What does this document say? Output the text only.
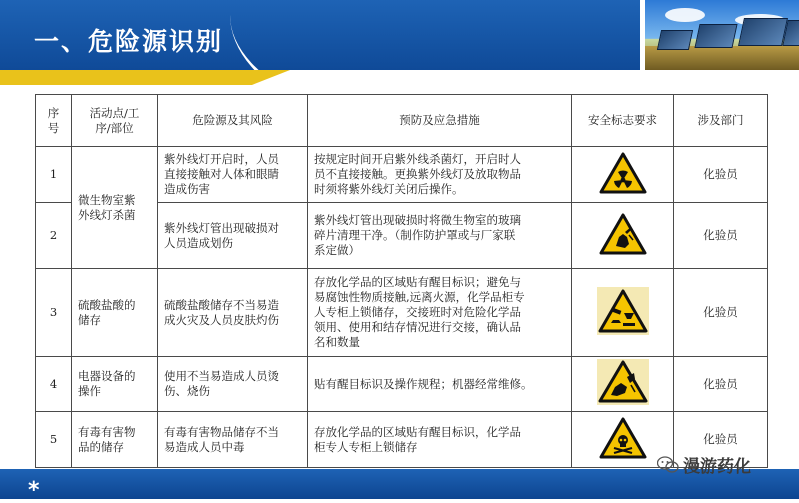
一、危险源识别
序
号	活动点/工
序/部位	危险源及其风险	预防及应急措施	安全标志要求	涉及部门
1	微生物室紫
外线灯杀菌	紫外线灯开启时，人员
直接接触对人体和眼睛
造成伤害	按规定时间开启紫外线杀菌灯，开启时人
员不直接接触。更换紫外线灯及放取物品
时须将紫外线灯关闭后操作。		化验员
2		紫外线灯管出现破损对
人员造成划伤	紫外线灯管出现破损时将微生物室的玻璃
碎片清理干净。（制作防护罩或与厂家联
系定做）		化验员
3	硫酸盐酸的
储存	硫酸盐酸储存不当易造
成火灾及人员皮肤灼伤	存放化学品的区域贴有醒目标识；避免与
易腐蚀性物质接触,远离火源，化学品柜专
人专柜上锁储存，交接班时对危险化学品
领用、使用和结存情况进行交接，确认品
名和数量		化验员
4	电器设备的
操作	使用不当易造成人员烫
伤、烧伤	贴有醒目标识及操作规程；机器经常维修。		化验员
5	有毒有害物
品的储存	有毒有害物品储存不当
易造成人员中毒	存放化学品的区域贴有醒目标识，化学品
柜专人专柜上锁储存		化验员
*
漫游药化
